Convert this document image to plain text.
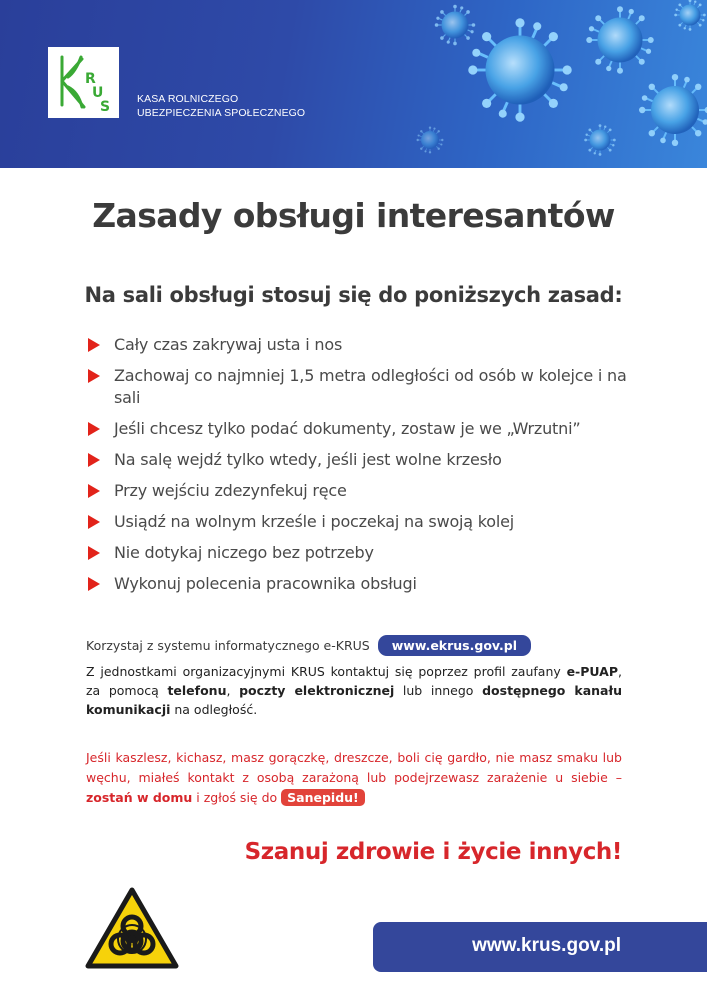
R
U
S	KASA ROLNICZEGO
UBEZPIECZENIA SPOŁECZNEGO
Zasady obsługi interesantów
Na sali obsługi stosuj się do poniższych zasad:
Cały czas zakrywaj usta i nos
Zachowaj co najmniej 1,5 metra odległości od osób w kolejce i na sali
Jeśli chcesz tylko podać dokumenty, zostaw je we „Wrzutni”
Na salę wejdź tylko wtedy, jeśli jest wolne krzesło
Przy wejściu zdezynfekuj ręce
Usiądź na wolnym krześle i poczekaj na swoją kolej
Nie dotykaj niczego bez potrzeby
Wykonuj polecenia pracownika obsługi
Korzystaj z systemu informatycznego e-KRUS	www.ekrus.gov.pl

Z jednostkami organizacyjnymi KRUS kontaktuj się poprzez profil zaufany e-PUAP, za pomocą telefonu, poczty elektronicznej lub innego dostępnego kanału komunikacji na odległość.

Jeśli kaszlesz, kichasz, masz gorączkę, dreszcze, boli cię gardło, nie masz smaku lub węchu, miałeś kontakt z osobą zarażoną lub podejrzewasz zarażenie u siebie – zostań w domu i zgłoś się do Sanepidu!

Szanuj zdrowie i życie innych!
www.krus.gov.pl
